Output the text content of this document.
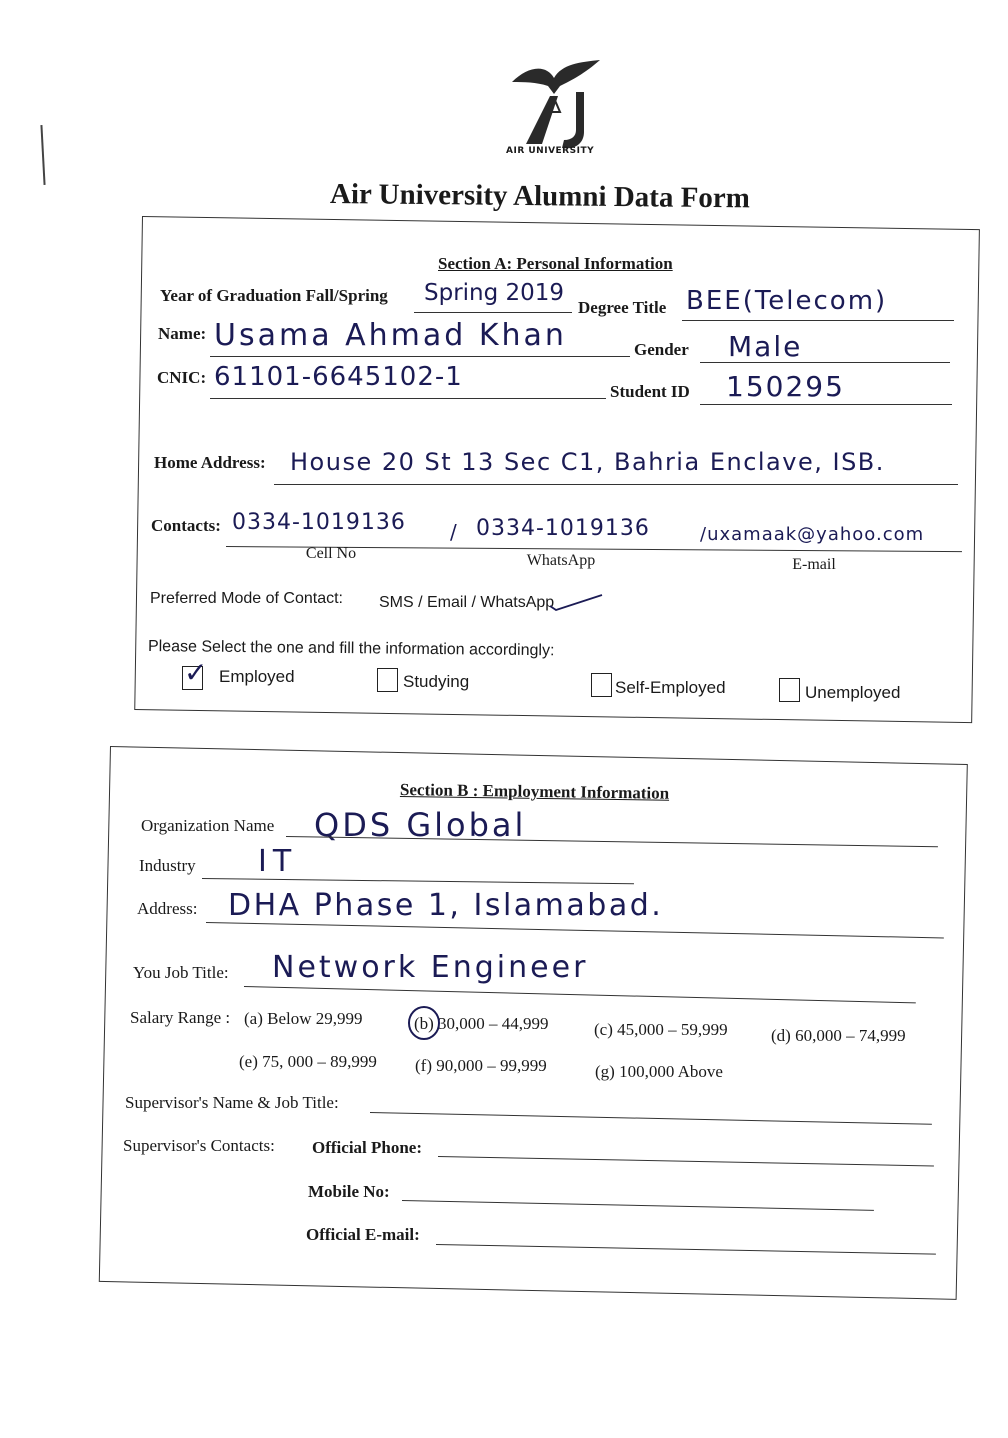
AIR UNIVERSITY
Air University Alumni Data Form
Section A: Personal Information
Year of Graduation Fall/Spring Spring 2019
Degree Title BEE(Telecom)
Name: Usama Ahmad Khan	Gender Male
CNIC: 61101-6645102-1	Student ID 150295
Home Address: House 20 St 13 Sec C1, Bahria Enclave, ISB.
Contacts: 0334-1019136 / 0334-1019136	/uxamaak@yahoo.com
Cell No	WhatsApp	E-mail
Preferred Mode of Contact: SMS / Email / WhatsApp
Please Select the one and fill the information accordingly:
✓ Employed	Studying	Self-Employed	Unemployed
Section B : Employment Information
Organization Name QDS Global
Industry IT
Address: DHA Phase 1, Islamabad.
You Job Title: Network Engineer
Salary Range : (a) Below 29,999	(b) 30,000 – 44,999	(c) 45,000 – 59,999	(d) 60,000 – 74,999
(e) 75, 000 – 89,999 (f) 90,000 – 99,999	(g) 100,000 Above
Supervisor's Name & Job Title:
Supervisor's Contacts: Official Phone:
Mobile No:
Official E-mail:
